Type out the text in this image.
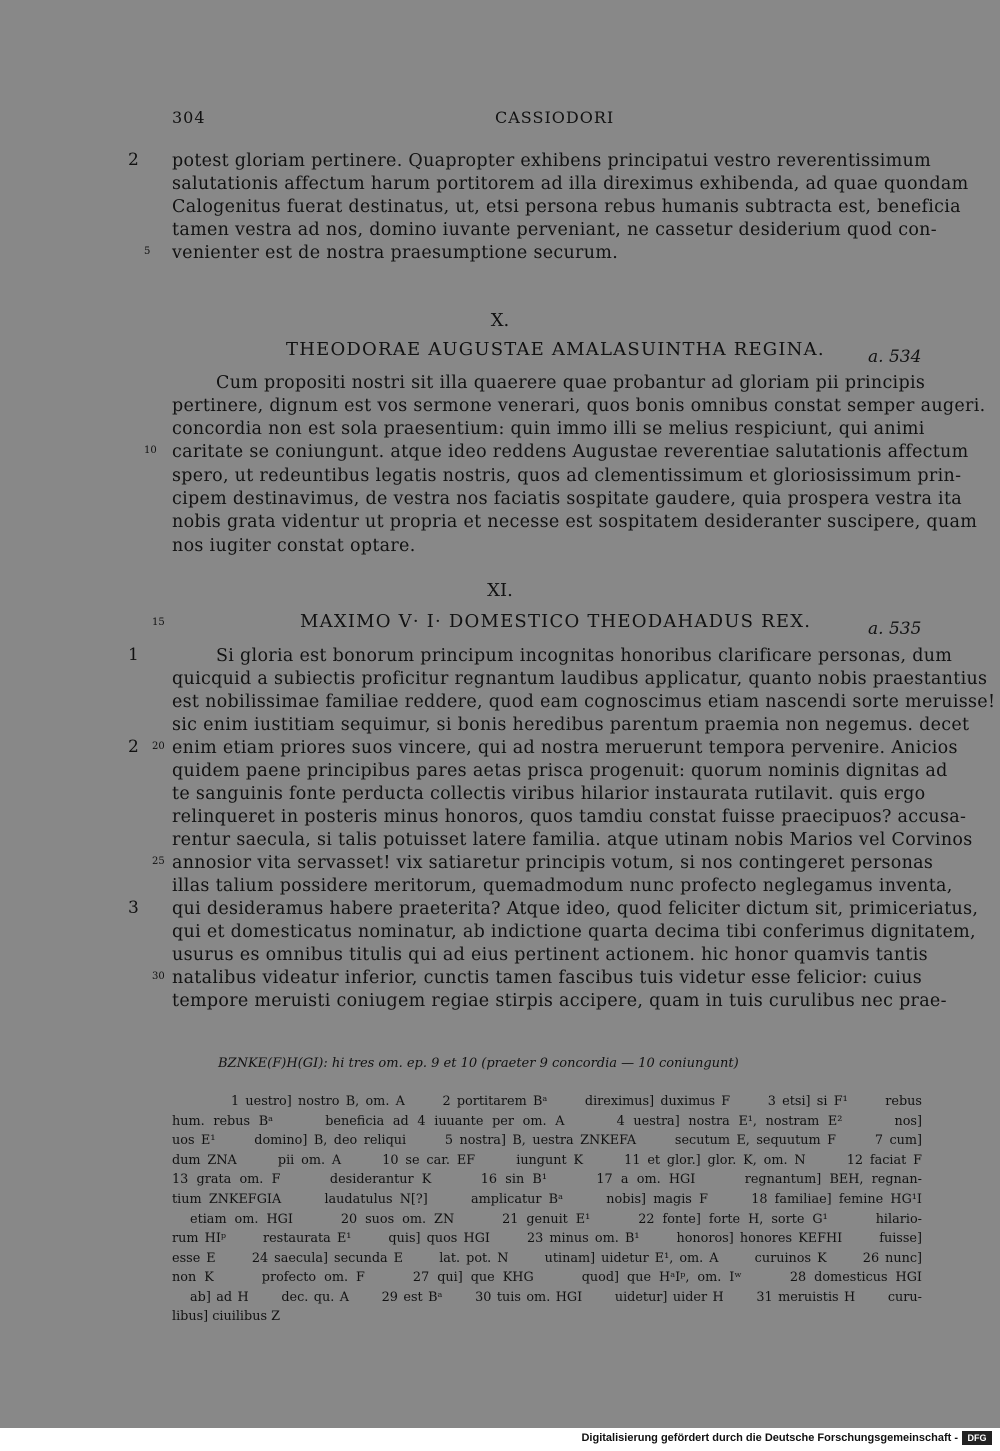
304	CASSIODORI
2 potest gloriam pertinere. Quapropter exhibens principatui vestro reverentissimum
salutationis affectum harum portitorem ad illa direximus exhibenda, ad quae quondam
Calogenitus fuerat destinatus, ut, etsi persona rebus humanis subtracta est, beneficia
tamen vestra ad nos, domino iuvante perveniant, ne cassetur desiderium quod con-
5 venienter est de nostra praesumptione securum.
X.
THEODORAE AUGUSTAE AMALASUINTHA REGINA.	a. 534
Cum propositi nostri sit illa quaerere quae probantur ad gloriam pii principis
pertinere, dignum est vos sermone venerari, quos bonis omnibus constat semper augeri.
concordia non est sola praesentium: quin immo illi se melius respiciunt, qui animi
10 caritate se coniungunt. atque ideo reddens Augustae reverentiae salutationis affectum
spero, ut redeuntibus legatis nostris, quos ad clementissimum et gloriosissimum prin-
cipem destinavimus, de vestra nos faciatis sospitate gaudere, quia prospera vestra ita
nobis grata videntur ut propria et necesse est sospitatem desideranter suscipere, quam
nos iugiter constat optare.
XI.
15	MAXIMO V· I· DOMESTICO THEODAHADUS REX.	a. 535
1	Si gloria est bonorum principum incognitas honoribus clarificare personas, dum
quicquid a subiectis proficitur regnantum laudibus applicatur, quanto nobis praestantius
est nobilissimae familiae reddere, quod eam cognoscimus etiam nascendi sorte meruisse!
sic enim iustitiam sequimur, si bonis heredibus parentum praemia non negemus. decet
2 20 enim etiam priores suos vincere, qui ad nostra meruerunt tempora pervenire. Anicios
quidem paene principibus pares aetas prisca progenuit: quorum nominis dignitas ad
te sanguinis fonte perducta collectis viribus hilarior instaurata rutilavit. quis ergo
relinqueret in posteris minus honoros, quos tamdiu constat fuisse praecipuos? accusa-
rentur saecula, si talis potuisset latere familia. atque utinam nobis Marios vel Corvinos
25 annosior vita servasset! vix satiaretur principis votum, si nos contingeret personas
illas talium possidere meritorum, quemadmodum nunc profecto neglegamus inventa,
3 qui desideramus habere praeterita? Atque ideo, quod feliciter dictum sit, primiceriatus,
qui et domesticatus nominatur, ab indictione quarta decima tibi conferimus dignitatem,
usurus es omnibus titulis qui ad eius pertinent actionem. hic honor quamvis tantis
30 natalibus videatur inferior, cunctis tamen fascibus tuis videtur esse felicior: cuius
tempore meruisti coniugem regiae stirpis accipere, quam in tuis curulibus nec prae-
BZNKE(F)H(GI): hi tres om. ep. 9 et 10 (praeter 9 concordia — 10 coniungunt)
1 uestro] nostro B, om. A      2 portitarem Bᵃ      direximus] duximus F      3 etsi] si F¹      rebus
hum. rebus Bᵃ      beneficia ad 4 iuuante per om. A      4 uestra] nostra E¹, nostram E²      nos]
uos E¹      domino] B, deo reliqui      5 nostra] B, uestra ZNKEFA      secutum E, sequutum F      7 cum]
dum ZNA      pii om. A      10 se car. EF      iungunt K      11 et glor.] glor. K, om. N      12 faciat F
13 grata om. F      desiderantur K      16 sin B¹      17 a om. HGI      regnantum] BEH, regnan-
tium ZNKEFGIA      laudatulus N[?]      amplicatur Bᵃ      nobis] magis F      18 familiae] femine HG¹I
etiam om. HGI      20 suos om. ZN      21 genuit E¹      22 fonte] forte H, sorte G¹      hilario-
rum HIᵖ      restaurata E¹      quis] quos HGI      23 minus om. B¹      honoros] honores KEFHI      fuisse]
esse E      24 saecula] secunda E      lat. pot. N      utinam] uidetur E¹, om. A      curuinos K      26 nunc]
non K      profecto om. F      27 qui] que KHG      quod] que HᵃIᵖ, om. Iʷ      28 domesticus HGI
ab] ad H      dec. qu. A      29 est Bᵃ      30 tuis om. HGI      uidetur] uider H      31 meruistis H      curu-
libus] ciuilibus Z
Digitalisierung gefördert durch die Deutsche Forschungsgemeinschaft -	DFG
